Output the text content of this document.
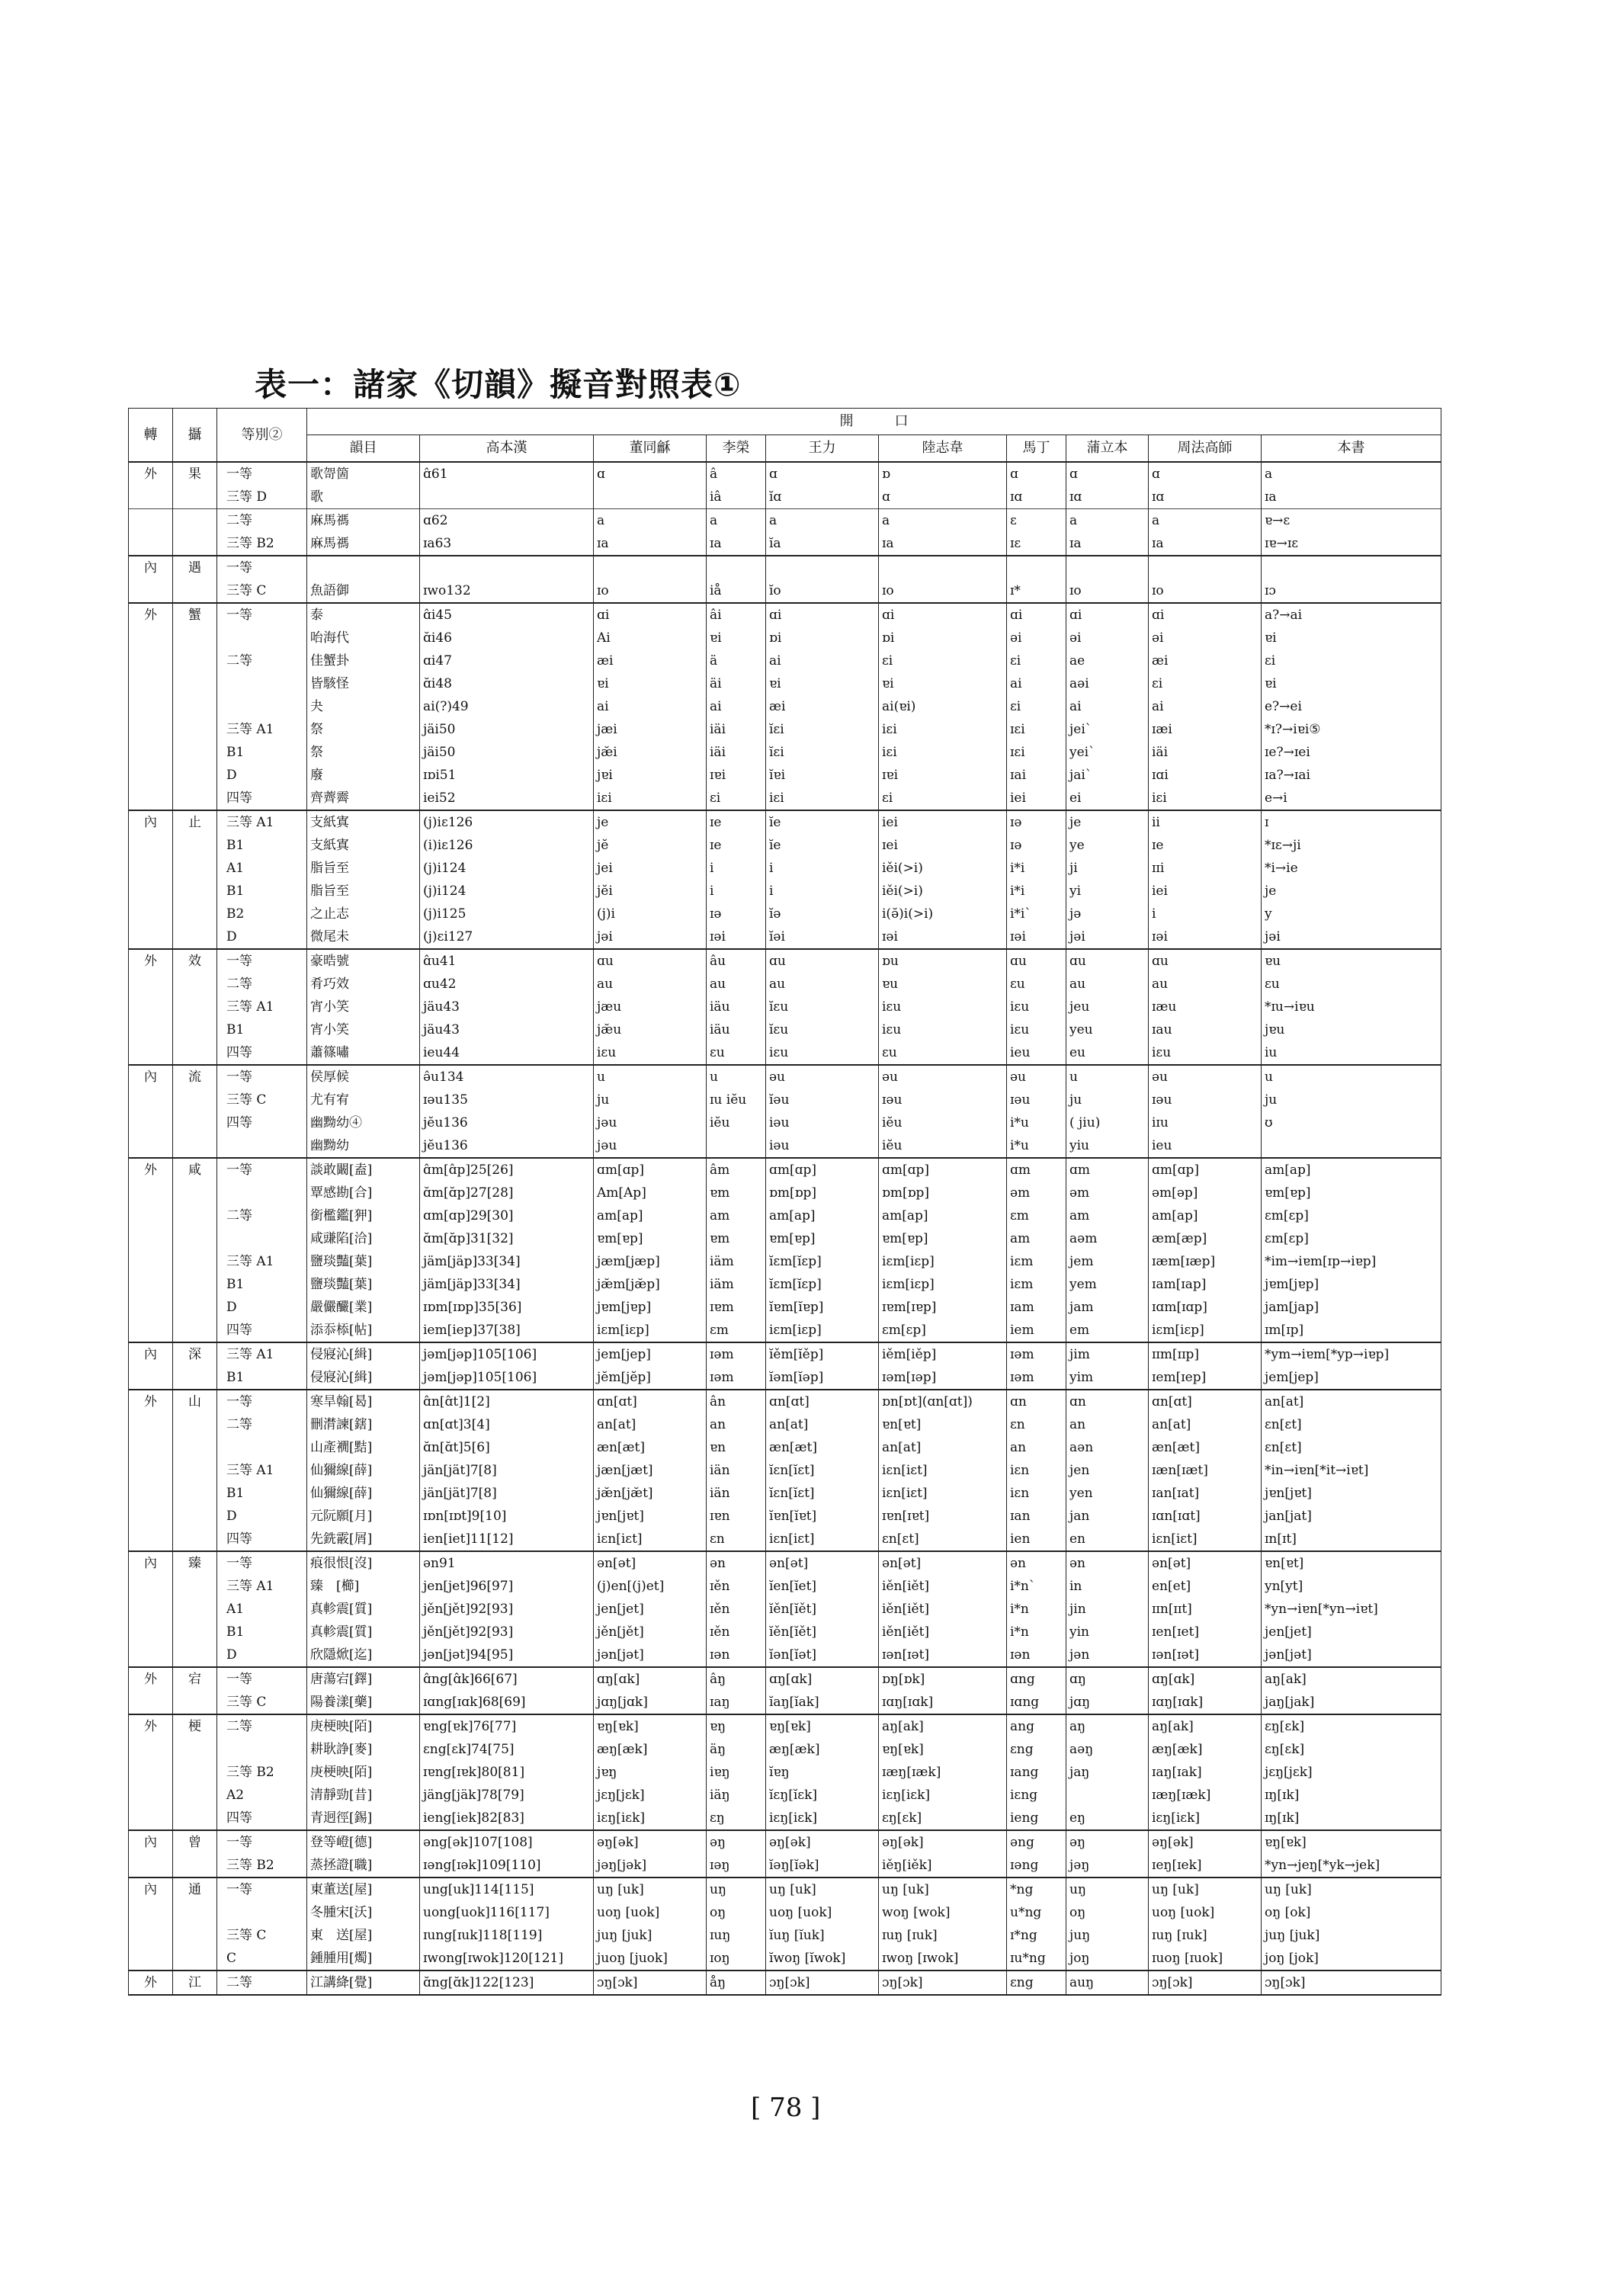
表一：諸家《切韻》擬音對照表①
轉	攝	等別②	開　　　口									
			韻目	高本漢	董同龢	李榮	王力	陸志韋	馬丁	蒲立本	周法高師	本書
外	果	一等	歌哿箇	ɑ̂61	ɑ	â	ɑ	ɒ	ɑ	ɑ	ɑ	a
		三等 D	歌			iâ	ĭɑ	ɑ	ɪɑ	ɪɑ	ɪɑ	ɪa
		二等	麻馬禡	ɑ62	a	a	a	a	ɛ	a	a	ɐ→ɛ
		三等 B2	麻馬禡	ɪa63	ɪa	ɪa	ĭa	ɪa	ɪɛ	ɪa	ɪa	ɪɐ→ɪɛ
內	遇	一等										
		三等 C	魚語御	ɪwo132	ɪo	iå	ĭo	ɪo	ɪ*	ɪo	ɪo	ɪɔ
外	蟹	一等	泰	ɑ̂i45	ɑi	âi	ɑi	ɑi	ɑi	ɑi	ɑi	a?→ai
			咍海代	ɑ̆i46	Ai	ɐi	ɒi	ɒi	əi	əi	əi	ɐi
		二等	佳蟹卦	ɑi47	æi	ä	ai	ɛi	ɛi	ae	æi	ɛi
			皆駭怪	ɑ̆i48	ɐi	äi	ɐi	ɐi	ai	aəi	ɛi	ɐi
			夬	ai(?)49	ai	ai	æi	ai(ɐi)	ɛi	ai	ai	e?→ei
		三等 A1	祭	jäi50	jæi	iäi	ĭɛi	iɛi	ɪɛi	jeiˋ	ɪæi	*ɪ?→iɐi⑤
		B1	祭	jäi50	jæ̆i	iäi	ĭɛi	iɛi	ɪɛi	yeiˋ	iäi	ɪe?→ɪei
		D	廢	ɪɒi51	jɐi	ɪɐi	ĭɐi	ɪɐi	ɪai	jaiˋ	ɪɑi	ɪa?→ɪai
		四等	齊薺霽	iei52	iɛi	ɛi	iɛi	ɛi	iei	ei	iɛi	e→i
內	止	三等 A1	支紙寘	(j)iɛ126	je	ɪe	ĭe	iei	ɪə	je	ii	ɪ
		B1	支紙寘	(i)iɛ126	jĕ	ɪe	ĭe	ɪei	ɪə	ye	ɪe	*ɪɛ→ji
		A1	脂旨至	(j)i124	jei	i	i	iěi(>i)	i*i	ji	ɪɪi	*i→ie
		B1	脂旨至	(j)i124	jĕi	i	i	iěi(>i)	i*i	yi	iei	je
		B2	之止志	(j)i125	(j)i	ɪə	ĭə	i(ə̆)i(>i)	i*iˋ	jə	i	y
		D	微尾未	(j)ɛi127	jəi	ɪəi	ĭəi	ɪəi	ɪəi	jəi	ɪəi	jəi
外	效	一等	豪晧號	ɑ̂u41	ɑu	âu	ɑu	ɒu	ɑu	ɑu	ɑu	ɐu
		二等	肴巧效	ɑu42	au	au	au	ɐu	ɛu	au	au	ɛu
		三等 A1	宵小笑	jäu43	jæu	iäu	ĭɛu	iɛu	iɛu	jeu	ɪæu	*ɪu→iɐu
		B1	宵小笑	jäu43	jæ̆u	iäu	ĭɛu	iɛu	iɛu	yeu	ɪau	jɐu
		四等	蕭篠嘯	ieu44	iɛu	ɛu	iɛu	ɛu	ieu	eu	iɛu	iu
內	流	一等	侯厚候	ə̂u134	u	u	əu	əu	əu	u	əu	u
		三等 C	尤有宥	ɪəu135	ju	ɪu iĕu	ĭəu	ɪəu	ɪəu	ju	ɪəu	ju
		四等	幽黝幼④	jĕu136	jəu	iĕu	iəu	iĕu	i*u	( jiu)	iɪu	ʊ
			幽黝幼	jĕu136	jəu		iəu	iĕu	i*u	yiu	ieu	
外	咸	一等	談敢闞[盍]	ɑ̂m[ɑ̂p]25[26]	ɑm[ɑp]	âm	ɑm[ɑp]	ɑm[ɑp]	ɑm	ɑm	ɑm[ɑp]	am[ap]
			覃感勘[合]	ɑ̆m[ɑ̆p]27[28]	Am[Ap]	ɐm	ɒm[ɒp]	ɒm[ɒp]	əm	əm	əm[əp]	ɐm[ɐp]
		二等	銜檻鑑[狎]	ɑm[ɑp]29[30]	am[ap]	am	am[ap]	am[ap]	ɛm	am	am[ap]	ɛm[ɛp]
			咸豏陷[洽]	ɑ̆m[ɑ̆p]31[32]	ɐm[ɐp]	ɐm	ɐm[ɐp]	ɐm[ɐp]	am	aəm	æm[æp]	ɛm[ɛp]
		三等 A1	鹽琰豔[葉]	jäm[jäp]33[34]	jæm[jæp]	iäm	ĭɛm[ĭɛp]	iɛm[iɛp]	iɛm	jem	ɪæm[ɪæp]	*im→iɐm[ɪp→iɐp]
		B1	鹽琰豔[葉]	jäm[jäp]33[34]	jæ̆m[jæ̆p]	iäm	ĭɛm[ĭɛp]	iɛm[iɛp]	iɛm	yem	ɪam[ɪap]	jɐm[jɐp]
		D	嚴儼釅[業]	ɪɒm[ɪɒp]35[36]	jɐm[jɐp]	ɪɐm	ĭɐm[ĭɐp]	ɪɐm[ɪɐp]	ɪam	jam	ɪɑm[ɪɑp]	jam[jap]
		四等	添忝㮇[帖]	iem[iep]37[38]	iɛm[iɛp]	ɛm	iɛm[iɛp]	ɛm[ɛp]	iem	em	iɛm[iɛp]	ɪm[ɪp]
內	深	三等 A1	侵寢沁[緝]	jəm[jəp]105[106]	jem[jep]	ɪəm	ĭěm[ĭěp]	iěm[iěp]	ɪəm	jim	ɪɪm[ɪɪp]	*ym→iɐm[*yp→iɐp]
		B1	侵寢沁[緝]	jəm[jəp]105[106]	jĕm[jĕp]	ɪəm	ĭəm[ĭəp]	ɪəm[ɪəp]	ɪəm	yim	ɪem[ɪep]	jem[jep]
外	山	一等	寒旱翰[曷]	ɑ̂n[ɑ̂t]1[2]	ɑn[ɑt]	ân	ɑn[ɑt]	ɒn[ɒt](ɑn[ɑt])	ɑn	ɑn	ɑn[ɑt]	an[at]
		二等	刪潸諫[鎋]	ɑn[ɑt]3[4]	an[at]	an	an[at]	ɐn[ɐt]	ɛn	an	an[at]	ɛn[ɛt]
			山產襉[黠]	ɑ̆n[ɑ̆t]5[6]	æn[æt]	ɐn	æn[æt]	an[at]	an	aən	æn[æt]	ɛn[ɛt]
		三等 A1	仙獮線[薛]	jän[jät]7[8]	jæn[jæt]	iän	ĭɛn[ĭɛt]	iɛn[iɛt]	iɛn	jen	ɪæn[ɪæt]	*in→iɐn[*it→iɐt]
		B1	仙獮線[薛]	jän[jät]7[8]	jæ̆n[jæ̆t]	iän	ĭɛn[ĭɛt]	iɛn[iɛt]	iɛn	yen	ɪan[ɪat]	jɐn[jɐt]
		D	元阮願[月]	ɪɒn[ɪɒt]9[10]	jɐn[jɐt]	ɪɐn	ĭɐn[ĭɐt]	ɪɐn[ɪɐt]	ɪan	jan	ɪɑn[ɪɑt]	jan[jat]
		四等	先銑霰[屑]	ien[iet]11[12]	iɛn[iɛt]	ɛn	iɛn[iɛt]	ɛn[ɛt]	ien	en	iɛn[iɛt]	ɪn[ɪt]
內	臻	一等	痕很恨[沒]	ən91	ən[ət]	ən	ən[ət]	ən[ət]	ən	ən	ən[ət]	ɐn[ɐt]
		三等 A1	臻　[櫛]	jen[jet]96[97]	(j)en[(j)et]	ɪěn	ĭen[ĭet]	iěn[iět]	i*nˋ	in	en[et]	yn[yt]
		A1	真軫震[質]	jěn[jět]92[93]	jen[jet]	ɪěn	ĭěn[ĭět]	iěn[iět]	i*n	jin	ɪɪn[ɪɪt]	*yn→iɐn[*yn→iɐt]
		B1	真軫震[質]	jěn[jět]92[93]	jěn[jět]	ɪěn	ĭěn[ĭět]	iěn[iět]	i*n	yin	ɪen[ɪet]	jen[jet]
		D	欣隱焮[迄]	jən[jət]94[95]	jən[jət]	ɪən	ĭən[ĭət]	ɪən[ɪət]	ɪən	jən	ɪən[ɪət]	jən[jət]
外	宕	一等	唐蕩宕[鐸]	ɑ̂ng[ɑ̂k]66[67]	ɑŋ[ɑk]	âŋ	ɑŋ[ɑk]	ɒŋ[ɒk]	ɑng	ɑŋ	ɑŋ[ɑk]	aŋ[ak]
		三等 C	陽養漾[藥]	ɪɑng[ɪɑk]68[69]	jɑŋ[jɑk]	ɪaŋ	ĭaŋ[ĭak]	ɪɑŋ[ɪɑk]	ɪɑng	jɑŋ	ɪɑŋ[ɪɑk]	jaŋ[jak]
外	梗	二等	庚梗映[陌]	ɐng[ɐk]76[77]	ɐŋ[ɐk]	ɐŋ	ɐŋ[ɐk]	aŋ[ak]	ang	aŋ	aŋ[ak]	ɛŋ[ɛk]
			耕耿諍[麥]	ɛng[ɛk]74[75]	æŋ[æk]	äŋ	æŋ[æk]	ɐŋ[ɐk]	ɛng	aəŋ	æŋ[æk]	ɛŋ[ɛk]
		三等 B2	庚梗映[陌]	ɪɐng[ɪɐk]80[81]	jɐŋ	iɐŋ	ĭɐŋ	ɪæŋ[ɪæk]	ɪang	jaŋ	ɪaŋ[ɪak]	jɛŋ[jɛk]
		A2	清靜勁[昔]	jäng[jäk]78[79]	jɛŋ[jɛk]	iäŋ	ĭɛŋ[ĭɛk]	iɛŋ[iɛk]	iɛng		ɪæŋ[ɪæk]	ɪŋ[ɪk]
		四等	青迥徑[錫]	ieng[iek]82[83]	iɛŋ[iɛk]	ɛŋ	iɛŋ[iɛk]	ɛŋ[ɛk]	ieng	eŋ	iɛŋ[iɛk]	ɪŋ[ɪk]
內	曾	一等	登等嶝[德]	əng[ək]107[108]	əŋ[ək]	əŋ	əŋ[ək]	əŋ[ək]	əng	əŋ	əŋ[ək]	ɐŋ[ɐk]
		三等 B2	蒸拯證[職]	ɪəng[ɪək]109[110]	jəŋ[jək]	ɪəŋ	ĭəŋ[ĭək]	iěŋ[iěk]	ɪəng	jəŋ	ɪeŋ[ɪek]	*yn→jeŋ[*yk→jek]
內	通	一等	東董送[屋]	ung[uk]114[115]	uŋ [uk]	uŋ	uŋ [uk]	uŋ [uk]	*ng	uŋ	uŋ [uk]	uŋ [uk]
			冬腫宋[沃]	uong[uok]116[117]	uoŋ [uok]	oŋ	uoŋ [uok]	woŋ [wok]	u*ng	oŋ	uoŋ [uok]	oŋ [ok]
		三等 C	東　送[屋]	ɪung[ɪuk]118[119]	juŋ [juk]	ɪuŋ	ĭuŋ [ĭuk]	ɪuŋ [ɪuk]	ɪ*ng	juŋ	ɪuŋ [ɪuk]	juŋ [juk]
		C	鍾腫用[燭]	ɪwong[ɪwok]120[121]	juoŋ [juok]	ɪoŋ	ĭwoŋ [ĭwok]	ɪwoŋ [ɪwok]	ɪu*ng	joŋ	ɪuoŋ [ɪuok]	joŋ [jok]
外	江	二等	江講絳[覺]	ɑ̆ng[ɑ̆k]122[123]	ɔŋ[ɔk]	åŋ	ɔŋ[ɔk]	ɔŋ[ɔk]	ɛng	auŋ	ɔŋ[ɔk]	ɔŋ[ɔk]
[ 78 ]
